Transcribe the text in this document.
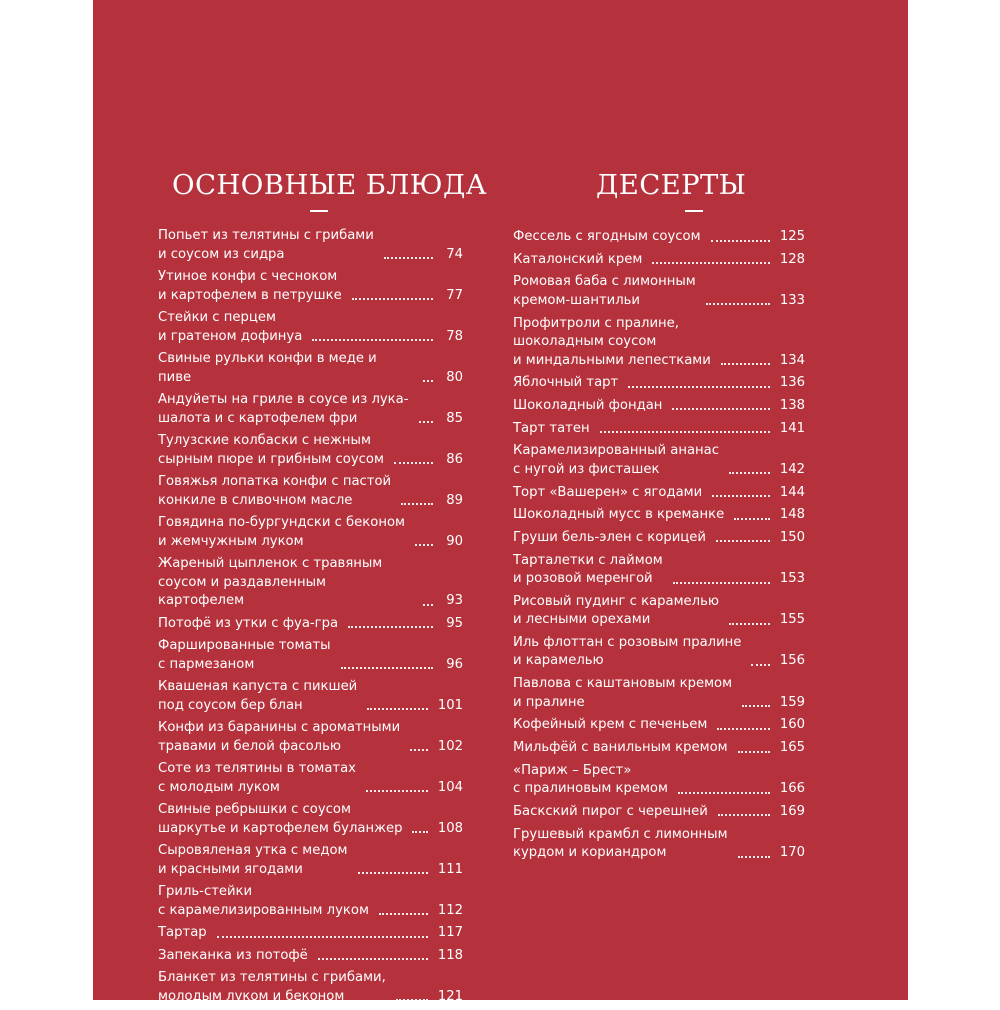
ОСНОВНЫЕ БЛЮДА
Попьет из телятины с грибами
и соусом из сидра	74
Утиное конфи с чесноком
и картофелем в петрушке	77
Стейки с перцем
и гратеном дофинуа	78
Свиные рульки конфи в меде и пиве	80
Андуйеты на гриле в соусе из лука-
шалота и с картофелем фри	85
Тулузские колбаски с нежным
сырным пюре и грибным соусом	86
Говяжья лопатка конфи с пастой
конкиле в сливочном масле	89
Говядина по-бургундски с беконом
и жемчужным луком	90
Жареный цыпленок с травяным
соусом и раздавленным картофелем	93
Потофё из утки с фуа-гра	95
Фаршированные томаты
с пармезаном	96
Квашеная капуста с пикшей
под соусом бер блан	101
Конфи из баранины с ароматными
травами и белой фасолью	102
Соте из телятины в томатах
с молодым луком	104
Свиные ребрышки с соусом
шаркутье и картофелем буланжер	108
Сыровяленая утка с медом
и красными ягодами	111
Гриль-стейки
с карамелизированным луком	112
Тартар	117
Запеканка из потофё	118
Бланкет из телятины с грибами,
молодым луком и беконом	121
ДЕСЕРТЫ
Фессель с ягодным соусом	125
Каталонский крем	128
Ромовая баба с лимонным
кремом-шантильи	133
Профитроли с пралине,
шоколадным соусом
и миндальными лепестками	134
Яблочный тарт	136
Шоколадный фондан	138
Тарт татен	141
Карамелизированный ананас
с нугой из фисташек	142
Торт «Вашерен» с ягодами	144
Шоколадный мусс в креманке	148
Груши бель-элен с корицей	150
Тарталетки с лаймом
и розовой меренгой	153
Рисовый пудинг с карамелью
и лесными орехами	155
Иль флоттан с розовым пралине
и карамелью	156
Павлова с каштановым кремом
и пралине	159
Кофейный крем с печеньем	160
Мильфёй с ванильным кремом	165
«Париж – Брест»
с пралиновым кремом	166
Баскский пирог с черешней	169
Грушевый крамбл с лимонным
курдом и кориандром	170
